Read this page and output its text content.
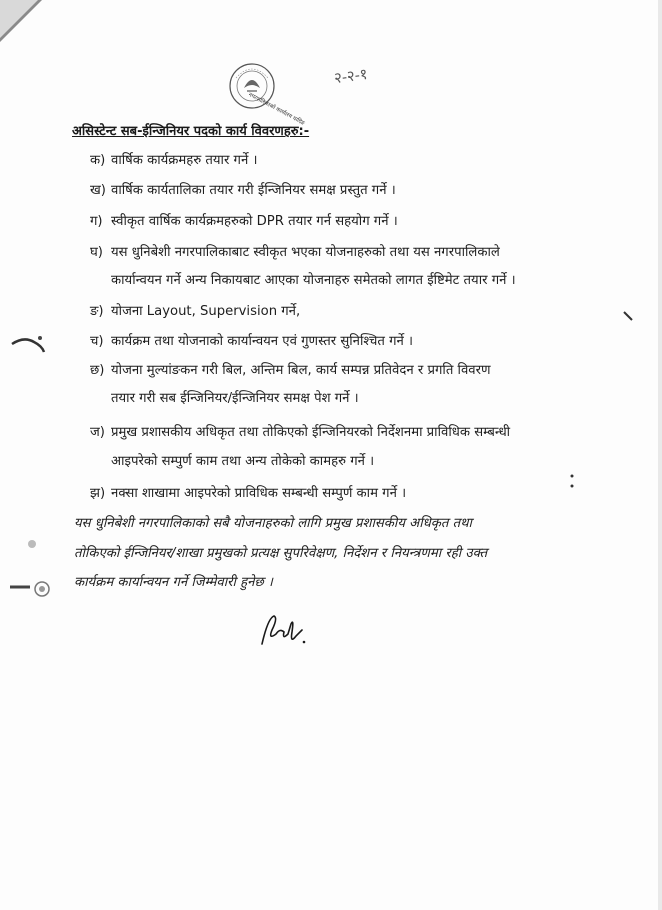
नगरपालिकाको कार्यालय धादिङ
२-२-१
असिस्टेन्ट सब-ईन्जिनियर पदको कार्य विवरणहरु:-
क) वार्षिक कार्यक्रमहरु तयार गर्ने ।
ख) वार्षिक कार्यतालिका तयार गरी ईन्जिनियर समक्ष प्रस्तुत गर्ने ।
ग) स्वीकृत वार्षिक कार्यक्रमहरुको DPR तयार गर्न सहयोग गर्ने ।
घ) यस धुनिबेशी नगरपालिकाबाट स्वीकृत भएका योजनाहरुको तथा यस नगरपालिकाले
कार्यान्वयन गर्ने अन्य निकायबाट आएका योजनाहरु समेतको लागत ईष्टिमेट तयार गर्ने ।
ङ) योजना Layout, Supervision गर्ने,
च) कार्यक्रम तथा योजनाको कार्यान्वयन एवं गुणस्तर सुनिश्चित गर्ने ।
छ) योजना मुल्यांङकन गरी बिल, अन्तिम बिल, कार्य सम्पन्न प्रतिवेदन र प्रगति विवरण
तयार गरी सब ईन्जिनियर/ईन्जिनियर समक्ष पेश गर्ने ।
ज) प्रमुख प्रशासकीय अधिकृत तथा तोकिएको ईन्जिनियरको निर्देशनमा प्राविधिक सम्बन्धी
आइपरेको सम्पुर्ण काम तथा अन्य तोकेको कामहरु गर्ने ।
झ) नक्सा शाखामा आइपरेको प्राविधिक सम्बन्धी सम्पुर्ण काम गर्ने ।
यस धुनिबेशी नगरपालिकाको सबै योजनाहरुको लागि प्रमुख प्रशासकीय अधिकृत तथा
तोकिएको ईन्जिनियर/शाखा प्रमुखको प्रत्यक्ष सुपरिवेक्षण, निर्देशन र नियन्त्रणमा रही उक्त
कार्यक्रम कार्यान्वयन गर्ने जिम्मेवारी हुनेछ ।
